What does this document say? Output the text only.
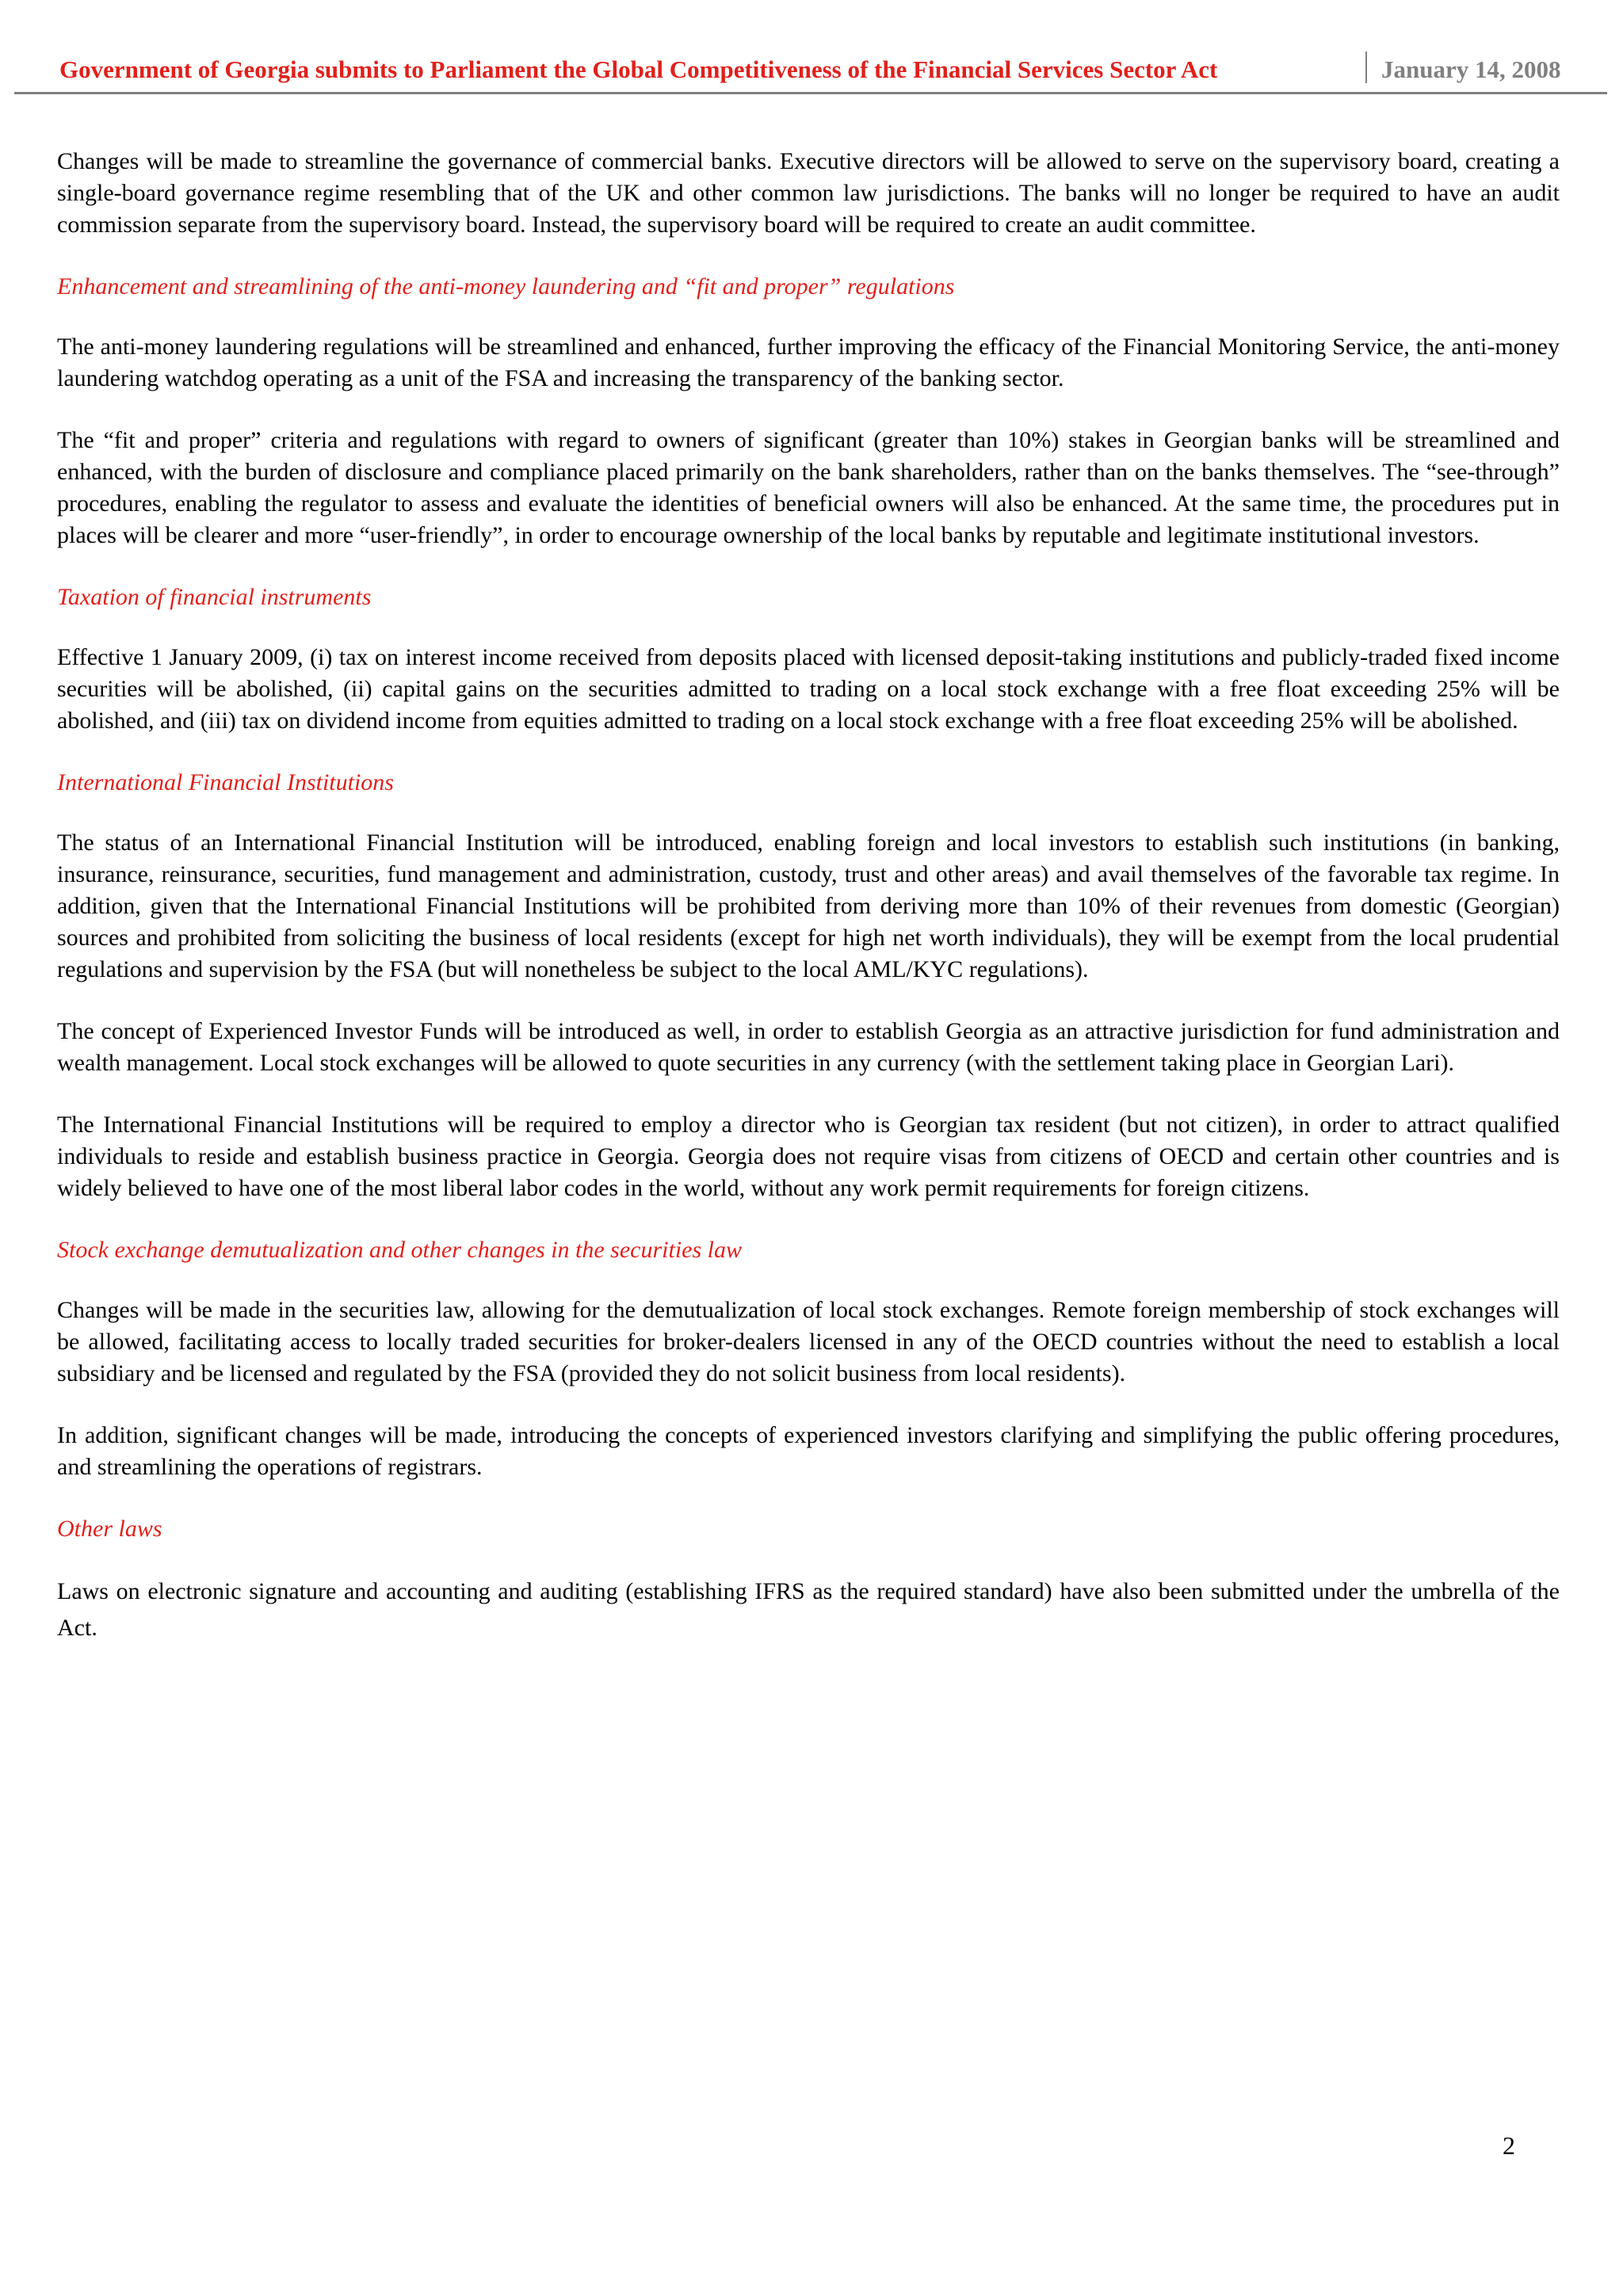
Government of Georgia submits to Parliament the Global Competitiveness of the Financial Services Sector Act	January 14, 2008

Changes will be made to streamline the governance of commercial banks. Executive directors will be allowed to serve on the supervisory board, creating a single-board governance regime resembling that of the UK and other common law jurisdictions. The banks will no longer be required to have an audit commission separate from the supervisory board. Instead, the supervisory board will be required to create an audit committee.

Enhancement and streamlining of the anti-money laundering and “fit and proper” regulations

The anti-money laundering regulations will be streamlined and enhanced, further improving the efficacy of the Financial Monitoring Service, the anti-money laundering watchdog operating as a unit of the FSA and increasing the transparency of the banking sector.

The “fit and proper” criteria and regulations with regard to owners of significant (greater than 10%) stakes in Georgian banks will be streamlined and enhanced, with the burden of disclosure and compliance placed primarily on the bank shareholders, rather than on the banks themselves. The “see-through” procedures, enabling the regulator to assess and evaluate the identities of beneficial owners will also be enhanced. At the same time, the procedures put in places will be clearer and more “user-friendly”, in order to encourage ownership of the local banks by reputable and legitimate institutional investors.

Taxation of financial instruments

Effective 1 January 2009, (i) tax on interest income received from deposits placed with licensed deposit-taking institutions and publicly-traded fixed income securities will be abolished, (ii) capital gains on the securities admitted to trading on a local stock exchange with a free float exceeding 25% will be abolished, and (iii) tax on dividend income from equities admitted to trading on a local stock exchange with a free float exceeding 25% will be abolished.

International Financial Institutions

The status of an International Financial Institution will be introduced, enabling foreign and local investors to establish such institutions (in banking, insurance, reinsurance, securities, fund management and administration, custody, trust and other areas) and avail themselves of the favorable tax regime. In addition, given that the International Financial Institutions will be prohibited from deriving more than 10% of their revenues from domestic (Georgian) sources and prohibited from soliciting the business of local residents (except for high net worth individuals), they will be exempt from the local prudential regulations and supervision by the FSA (but will nonetheless be subject to the local AML/KYC regulations).

The concept of Experienced Investor Funds will be introduced as well, in order to establish Georgia as an attractive jurisdiction for fund administration and wealth management. Local stock exchanges will be allowed to quote securities in any currency (with the settlement taking place in Georgian Lari).

The International Financial Institutions will be required to employ a director who is Georgian tax resident (but not citizen), in order to attract qualified individuals to reside and establish business practice in Georgia. Georgia does not require visas from citizens of OECD and certain other countries and is widely believed to have one of the most liberal labor codes in the world, without any work permit requirements for foreign citizens.

Stock exchange demutualization and other changes in the securities law

Changes will be made in the securities law, allowing for the demutualization of local stock exchanges. Remote foreign membership of stock exchanges will be allowed, facilitating access to locally traded securities for broker-dealers licensed in any of the OECD countries without the need to establish a local subsidiary and be licensed and regulated by the FSA (provided they do not solicit business from local residents).

In addition, significant changes will be made, introducing the concepts of experienced investors clarifying and simplifying the public offering procedures, and streamlining the operations of registrars.

Other laws

Laws on electronic signature and accounting and auditing (establishing IFRS as the required standard) have also been submitted under the umbrella of the Act.

2
